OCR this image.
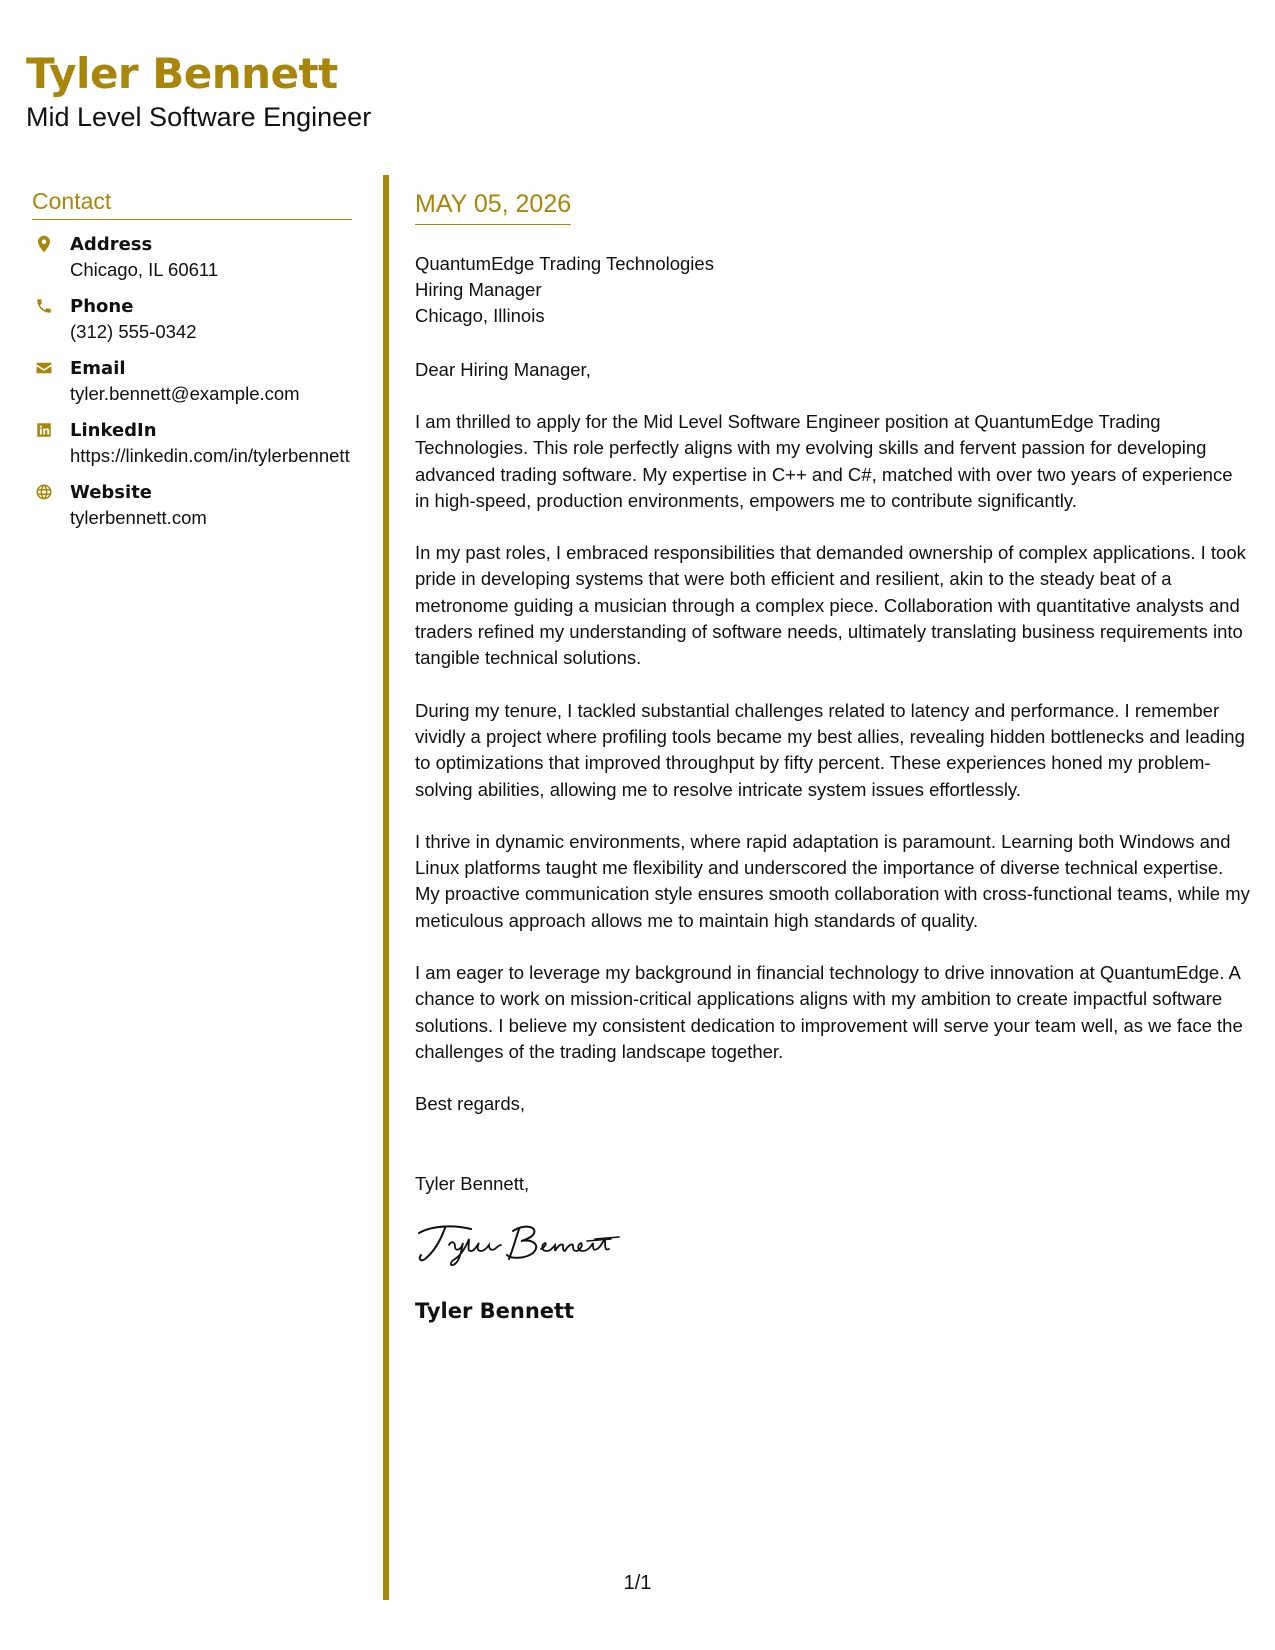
Tyler Bennett
Mid Level Software Engineer
Contact
Address
Chicago, IL 60611
Phone
(312) 555-0342
Email
tyler.bennett@example.com
LinkedIn
https://linkedin.com/in/tylerbennett
Website
tylerbennett.com
MAY 05, 2026
QuantumEdge Trading Technologies
Hiring Manager
Chicago, Illinois
Dear Hiring Manager,
I am thrilled to apply for the Mid Level Software Engineer position at QuantumEdge Trading Technologies. This role perfectly aligns with my evolving skills and fervent passion for developing advanced trading software. My expertise in C++ and C#, matched with over two years of experience in high-speed, production environments, empowers me to contribute significantly.
In my past roles, I embraced responsibilities that demanded ownership of complex applications. I took pride in developing systems that were both efficient and resilient, akin to the steady beat of a metronome guiding a musician through a complex piece. Collaboration with quantitative analysts and traders refined my understanding of software needs, ultimately translating business requirements into tangible technical solutions.
During my tenure, I tackled substantial challenges related to latency and performance. I remember vividly a project where profiling tools became my best allies, revealing hidden bottlenecks and leading to optimizations that improved throughput by fifty percent. These experiences honed my problem-solving abilities, allowing me to resolve intricate system issues effortlessly.
I thrive in dynamic environments, where rapid adaptation is paramount. Learning both Windows and Linux platforms taught me flexibility and underscored the importance of diverse technical expertise. My proactive communication style ensures smooth collaboration with cross-functional teams, while my meticulous approach allows me to maintain high standards of quality.
I am eager to leverage my background in financial technology to drive innovation at QuantumEdge. A chance to work on mission-critical applications aligns with my ambition to create impactful software solutions. I believe my consistent dedication to improvement will serve your team well, as we face the challenges of the trading landscape together.
Best regards,
Tyler Bennett,
Tyler Bennett
1/1
